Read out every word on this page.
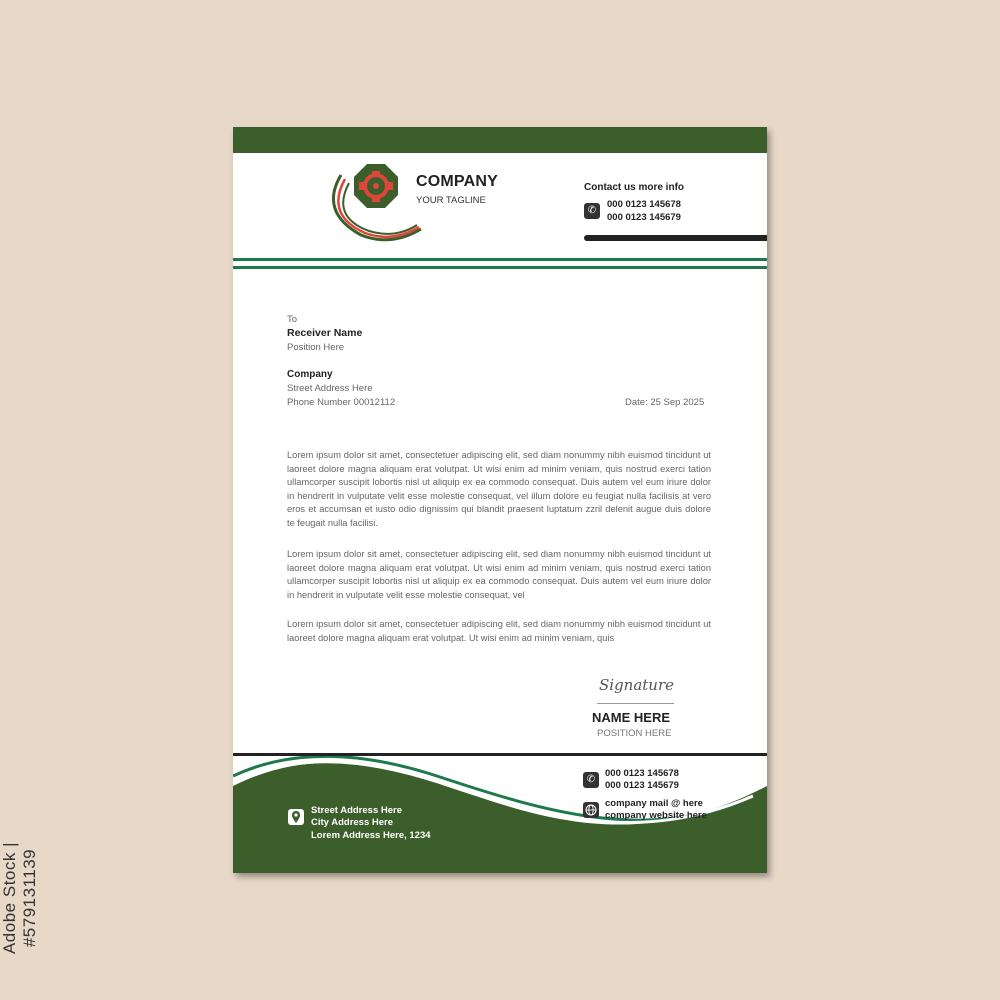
COMPANY
YOUR TAGLINE
Contact us more info
✆
000 0123 145678
000 0123 145679
To
Receiver Name
Position Here
Company
Street Address Here
Phone Number 00012112	Date: 25 Sep 2025

Lorem ipsum dolor sit amet, consectetuer adipiscing elit, sed diam nonummy nibh euismod tincidunt ut laoreet dolore magna aliquam erat volutpat. Ut wisi enim ad minim veniam, quis nostrud exerci tation ullamcorper suscipit lobortis nisl ut aliquip ex ea commodo consequat. Duis autem vel eum iriure dolor in hendrerit in vulputate velit esse molestie consequat, vel illum dolore eu feugiat nulla facilisis at vero eros et accumsan et iusto odio dignissim qui blandit praesent luptatum zzril delenit augue duis dolore te feugait nulla facilisi.

Lorem ipsum dolor sit amet, consectetuer adipiscing elit, sed diam nonummy nibh euismod tincidunt ut laoreet dolore magna aliquam erat volutpat. Ut wisi enim ad minim veniam, quis nostrud exerci tation ullamcorper suscipit lobortis nisl ut aliquip ex ea commodo consequat. Duis autem vel eum iriure dolor in hendrerit in vulputate velit esse molestie consequat, vel

Lorem ipsum dolor sit amet, consectetuer adipiscing elit, sed diam nonummy nibh euismod tincidunt ut laoreet dolore magna aliquam erat volutpat. Ut wisi enim ad minim veniam, quis

Signature
NAME HERE
POSITION HERE
Street Address Here
City Address Here
Lorem Address Here, 1234
✆
000 0123 145678
000 0123 145679
company mail @ here
company website here
Adobe Stock | #579131139
